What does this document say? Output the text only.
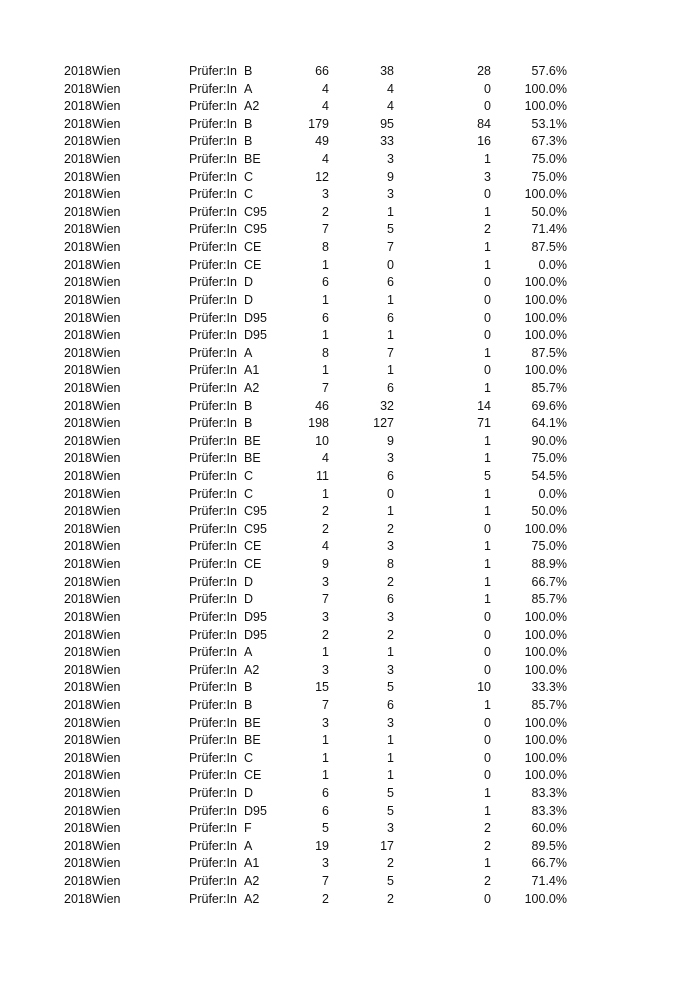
2018 Wien	Prüfer:In B	66	38	28	57.6%
2018 Wien	Prüfer:In A	4	4	0	100.0%
2018 Wien	Prüfer:In A2	4	4	0	100.0%
2018 Wien	Prüfer:In B	179	95	84	53.1%
2018 Wien	Prüfer:In B	49	33	16	67.3%
2018 Wien	Prüfer:In BE	4	3	1	75.0%
2018 Wien	Prüfer:In C	12	9	3	75.0%
2018 Wien	Prüfer:In C	3	3	0	100.0%
2018 Wien	Prüfer:In C95	2	1	1	50.0%
2018 Wien	Prüfer:In C95	7	5	2	71.4%
2018 Wien	Prüfer:In CE	8	7	1	87.5%
2018 Wien	Prüfer:In CE	1	0	1	0.0%
2018 Wien	Prüfer:In D	6	6	0	100.0%
2018 Wien	Prüfer:In D	1	1	0	100.0%
2018 Wien	Prüfer:In D95	6	6	0	100.0%
2018 Wien	Prüfer:In D95	1	1	0	100.0%
2018 Wien	Prüfer:In A	8	7	1	87.5%
2018 Wien	Prüfer:In A1	1	1	0	100.0%
2018 Wien	Prüfer:In A2	7	6	1	85.7%
2018 Wien	Prüfer:In B	46	32	14	69.6%
2018 Wien	Prüfer:In B	198	127	71	64.1%
2018 Wien	Prüfer:In BE	10	9	1	90.0%
2018 Wien	Prüfer:In BE	4	3	1	75.0%
2018 Wien	Prüfer:In C	11	6	5	54.5%
2018 Wien	Prüfer:In C	1	0	1	0.0%
2018 Wien	Prüfer:In C95	2	1	1	50.0%
2018 Wien	Prüfer:In C95	2	2	0	100.0%
2018 Wien	Prüfer:In CE	4	3	1	75.0%
2018 Wien	Prüfer:In CE	9	8	1	88.9%
2018 Wien	Prüfer:In D	3	2	1	66.7%
2018 Wien	Prüfer:In D	7	6	1	85.7%
2018 Wien	Prüfer:In D95	3	3	0	100.0%
2018 Wien	Prüfer:In D95	2	2	0	100.0%
2018 Wien	Prüfer:In A	1	1	0	100.0%
2018 Wien	Prüfer:In A2	3	3	0	100.0%
2018 Wien	Prüfer:In B	15	5	10	33.3%
2018 Wien	Prüfer:In B	7	6	1	85.7%
2018 Wien	Prüfer:In BE	3	3	0	100.0%
2018 Wien	Prüfer:In BE	1	1	0	100.0%
2018 Wien	Prüfer:In C	1	1	0	100.0%
2018 Wien	Prüfer:In CE	1	1	0	100.0%
2018 Wien	Prüfer:In D	6	5	1	83.3%
2018 Wien	Prüfer:In D95	6	5	1	83.3%
2018 Wien	Prüfer:In F	5	3	2	60.0%
2018 Wien	Prüfer:In A	19	17	2	89.5%
2018 Wien	Prüfer:In A1	3	2	1	66.7%
2018 Wien	Prüfer:In A2	7	5	2	71.4%
2018 Wien	Prüfer:In A2	2	2	0	100.0%
